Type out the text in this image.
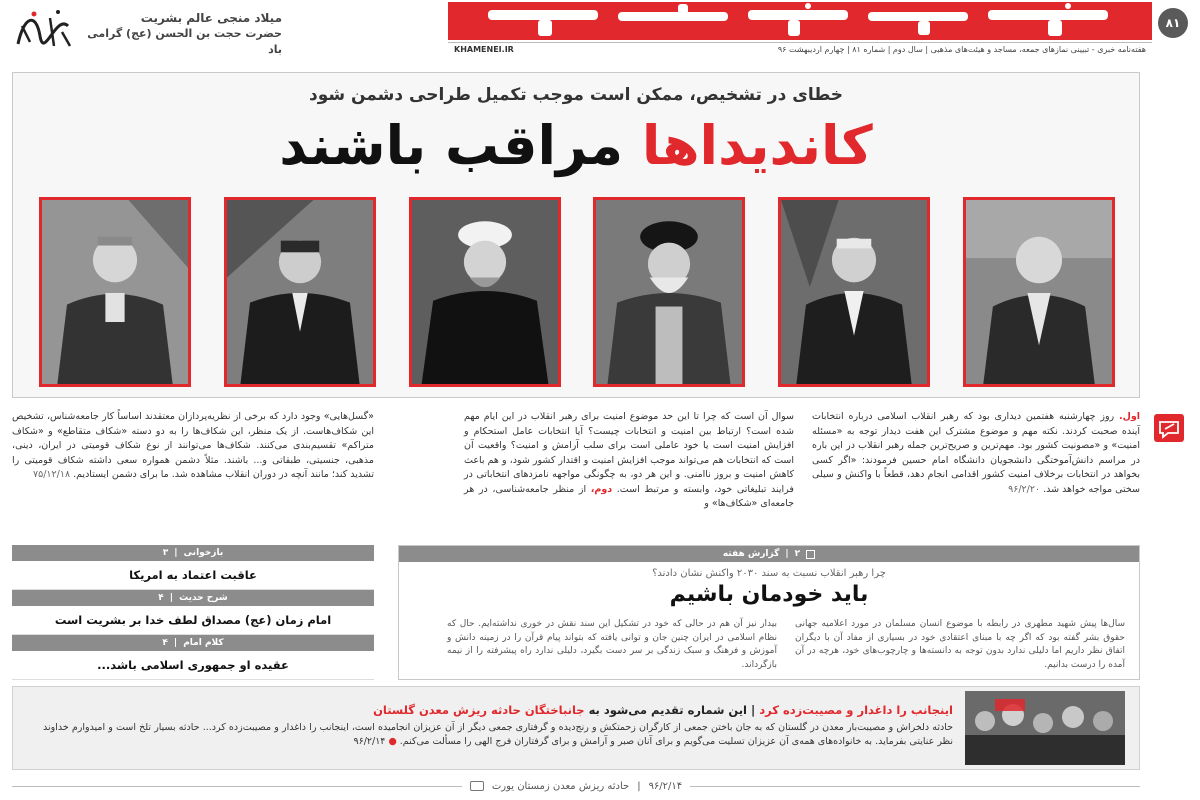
۸۱
هفته‌نامه خبری - تبیینی نمازهای جمعه، مساجد و هیئت‌های مذهبی | سال دوم | شماره ۸۱ | چهارم اردیبهشت ۹۶
KHAMENEI.IR
میلاد منجی عالم بشریت
حضرت حجت بن الحسن (عج) گرامی باد
خطای در تشخیص، ممکن است موجب تکمیل طراحی دشمن شود
کاندیداها مراقب باشند
اول. روز چهارشنبه هفتمین دیداری بود که رهبر انقلاب اسلامی درباره انتخابات آینده صحبت کردند. نکته مهم و موضوع مشترک این هفت دیدار توجه به «مسئله امنیت» و «مصونیت کشور بود. مهم‌ترین و صریح‌ترین جمله رهبر انقلاب در این باره در مراسم دانش‌آموختگی دانشجویان دانشگاه امام حسین فرمودند: «اگر کسی بخواهد در انتخابات برخلاف امنیت کشور اقدامی انجام دهد، قطعاً با واکنش و سیلی سختی مواجه خواهد شد. ۹۶/۲/۲۰
سوال آن است که چرا تا این حد موضوع امنیت برای رهبر انقلاب در این ایام مهم شده است؟ ارتباط بین امنیت و انتخابات چیست؟ آیا انتخابات عامل استحکام و افزایش امنیت است یا خود عاملی است برای سلب آرامش و امنیت؟ واقعیت آن است که انتخابات هم می‌تواند موجب افزایش امنیت و اقتدار کشور شود، و هم باعث کاهش امنیت و بروز ناامنی. و این هر دو، به چگونگی مواجهه نامزدهای انتخاباتی در فرایند تبلیغاتی خود، وابسته و مرتبط است. دوم، از منظر جامعه‌شناسی، در هر جامعه‌ای «شکاف‌ها» و
«گسل‌هایی» وجود دارد که برخی از نظریه‌پردازان معتقدند اساساً کار جامعه‌شناس، تشخیص این شکاف‌هاست. از یک منظر، این شکاف‌ها را به دو دسته «شکاف متقاطع» و «شکاف متراکم» تقسیم‌بندی می‌کنند. شکاف‌ها می‌توانند از نوع شکاف قومیتی در ایران، دینی، مذهبی، جنسیتی، طبقاتی و... باشند. مثلاً دشمن همواره سعی داشته شکاف قومیتی را تشدید کند؛ مانند آنچه در دوران انقلاب مشاهده شد. ما برای دشمن ایستادیم. ۷۵/۱۲/۱۸
بازخوانی
|
۳
عاقبت اعتماد به امریکا
شرح حدیث
|
۴
امام زمان (عج) مصداق لطف خدا بر بشریت است
کلام امام
|
۴
عقیده او جمهوری اسلامی باشد...
۲
|
گزارش هفته
چرا رهبر انقلاب نسبت به سند ۲۰۳۰ واکنش نشان دادند؟
باید خودمان باشیم
سال‌ها پیش شهید مطهری در رابطه با موضوع انسان مسلمان در مورد اعلامیه جهانی حقوق بشر گفته بود که اگر چه با مبنای اعتقادی خود در بسیاری از مفاد آن با دیگران اتفاق نظر داریم اما دلیلی ندارد بدون توجه به دانسته‌ها و چارچوب‌های خود، هرچه در آن آمده را درست بدانیم.
بیدار نیز آن هم در حالی که خود در تشکیل این سند نقش در خوری نداشته‌ایم. حال که نظام اسلامی در ایران چنین جان و توانی یافته که بتواند پیام قرآن را در زمینه دانش و آموزش و فرهنگ و سبک زندگی بر سر دست بگیرد، دلیلی ندارد راه پیشرفته را از نیمه بازگرداند.
اینجانب را داغدار و مصیبت‌زده کرد | این شماره تقدیم می‌شود به جانباختگان حادثه ریزش معدن گلستان
حادثه دلخراش و مصیبت‌بار معدن در گلستان که به جان باختن جمعی از کارگران زحمتکش و رنج‌دیده و گرفتاری جمعی دیگر از آن عزیزان انجامیده است، اینجانب را داغدار و مصیبت‌زده کرد... حادثه بسیار تلخ است و امیدوارم خداوند نظر عنایتی بفرماید. به خانواده‌های همه‌ی آن عزیزان تسلیت می‌گویم و برای آنان صبر و آرامش و برای گرفتاران فرج الهی را مسألت می‌کنم. ● ۹۶/۲/۱۴
۹۶/۲/۱۴
|
حادثه ریزش معدن زمستان یورت
